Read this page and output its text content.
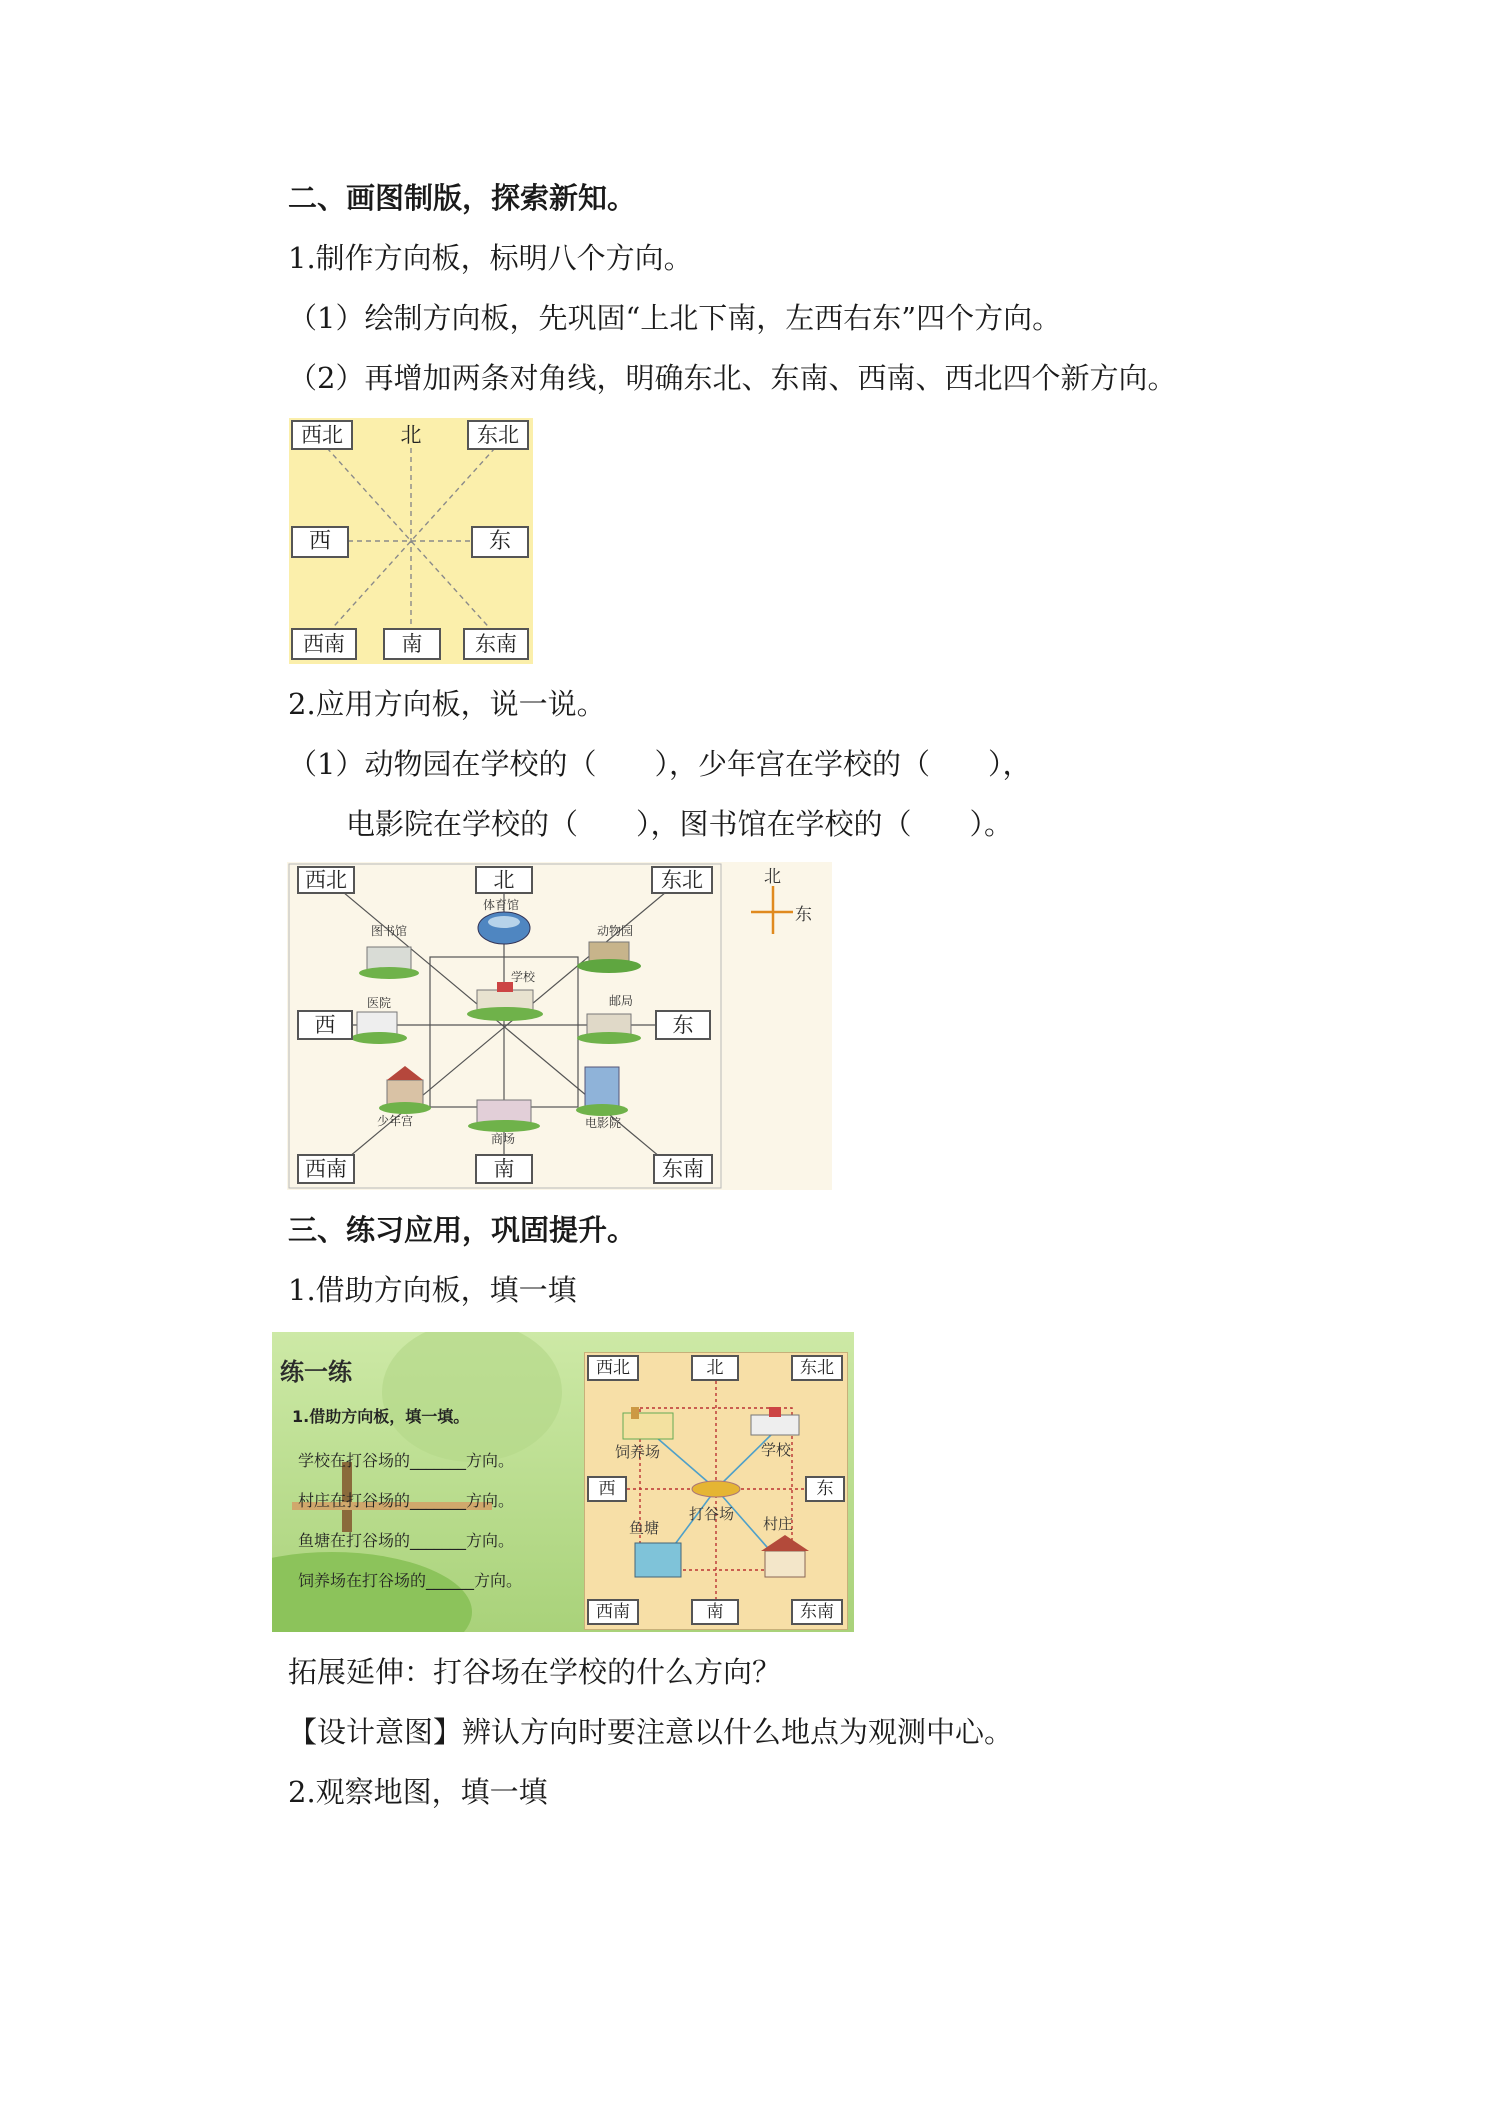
二、画图制版，探索新知。
1.制作方向板，标明八个方向。
（1）绘制方向板，先巩固“上北下南，左西右东”四个方向。
（2）再增加两条对角线，明确东北、东南、西南、西北四个新方向。
西北	北	东北
西	东
西南	南	东南
2.应用方向板，说一说。
（1）动物园在学校的（　　），少年宫在学校的（　　），
电影院在学校的（　　），图书馆在学校的（　　）。
西北	北	东北
西	东
西南	南	东南
北
东
图书馆
体育馆
动物园
医院
学校
邮局
少年宫
商场
电影院
三、练习应用，巩固提升。
1.借助方向板，填一填
练一练
1.借助方向板，填一填。
学校在打谷场的_______方向。
村庄在打谷场的_______方向。
鱼塘在打谷场的_______方向。
饲养场在打谷场的______方向。
西北	北	东北
西	东
西南	南	东南
饲养场	学校
打谷场
鱼塘	村庄
拓展延伸：打谷场在学校的什么方向？
【设计意图】辨认方向时要注意以什么地点为观测中心。
2.观察地图，填一填
